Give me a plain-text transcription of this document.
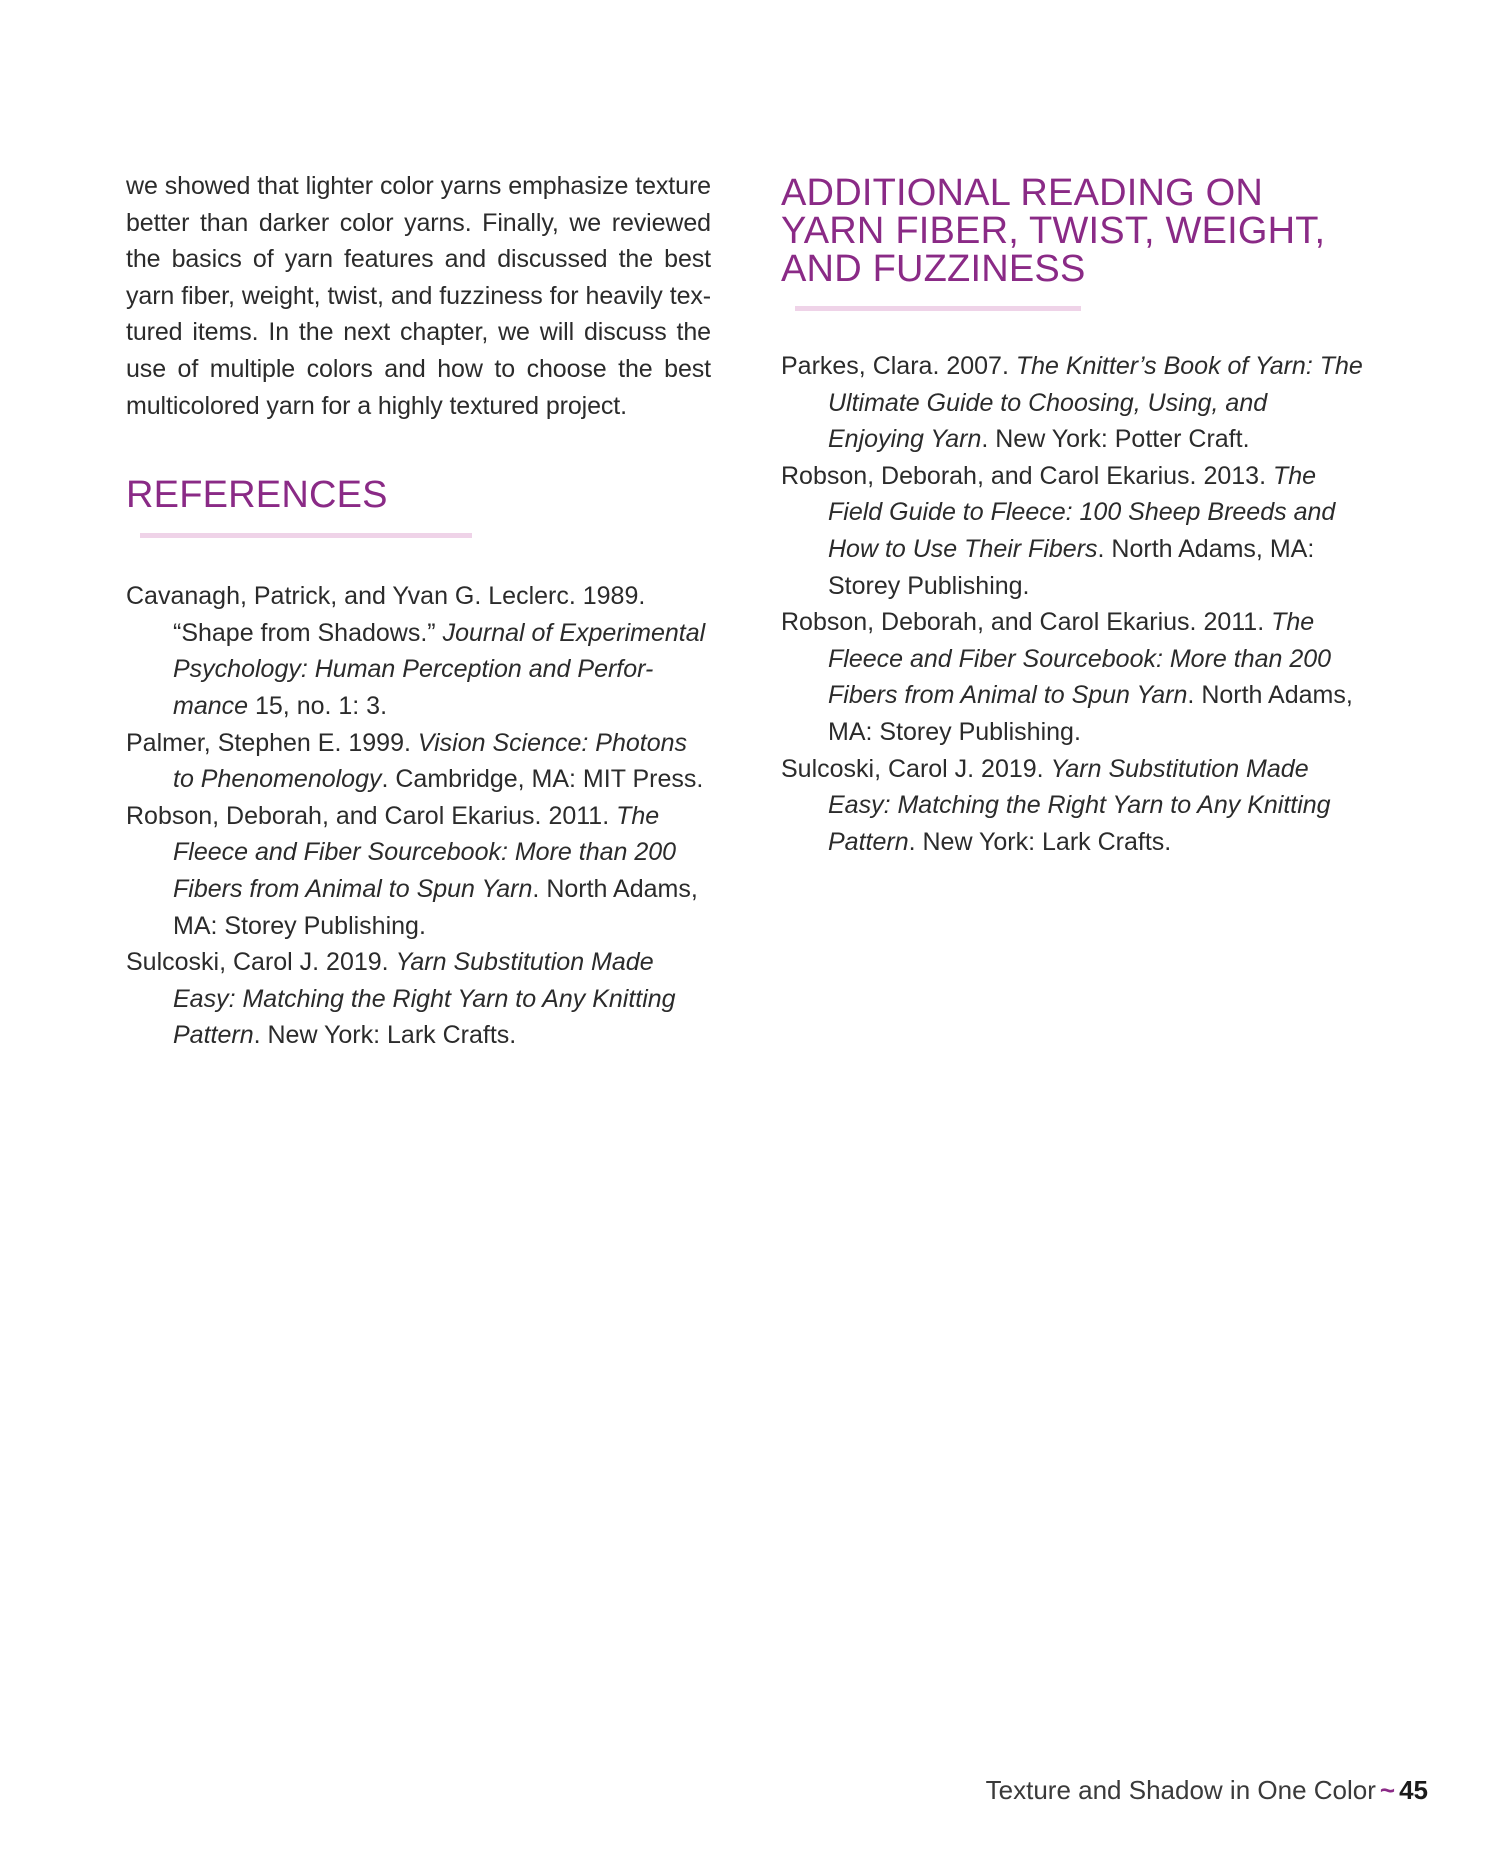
we showed that lighter color yarns emphasize texture better than darker color yarns. Finally, we reviewed the basics of yarn features and discussed the best yarn fiber, weight, twist, and fuzziness for heavily tex-tured items. In the next chapter, we will discuss the use of multiple colors and how to choose the best multicolored yarn for a highly textured project.

REFERENCES
Cavanagh, Patrick, and Yvan G. Leclerc. 1989. “Shape from Shadows.” Journal of Experimental Psychology: Human Perception and Perfor-mance 15, no. 1: 3.
Palmer, Stephen E. 1999. Vision Science: Photons to Phenomenology. Cambridge, MA: MIT Press.
Robson, Deborah, and Carol Ekarius. 2011. The Fleece and Fiber Sourcebook: More than 200 Fibers from Animal to Spun Yarn. North Adams, MA: Storey Publishing.
Sulcoski, Carol J. 2019. Yarn Substitution Made Easy: Matching the Right Yarn to Any Knitting Pattern. New York: Lark Crafts.
ADDITIONAL READING ON
YARN FIBER, TWIST, WEIGHT,
AND FUZZINESS
Parkes, Clara. 2007. The Knitter’s Book of Yarn: The Ultimate Guide to Choosing, Using, and Enjoying Yarn. New York: Potter Craft.
Robson, Deborah, and Carol Ekarius. 2013. The Field Guide to Fleece: 100 Sheep Breeds and How to Use Their Fibers. North Adams, MA: Storey Publishing.
Robson, Deborah, and Carol Ekarius. 2011. The Fleece and Fiber Sourcebook: More than 200 Fibers from Animal to Spun Yarn. North Adams, MA: Storey Publishing.
Sulcoski, Carol J. 2019. Yarn Substitution Made Easy: Matching the Right Yarn to Any Knitting Pattern. New York: Lark Crafts.
Texture and Shadow in One Color ~ 45
